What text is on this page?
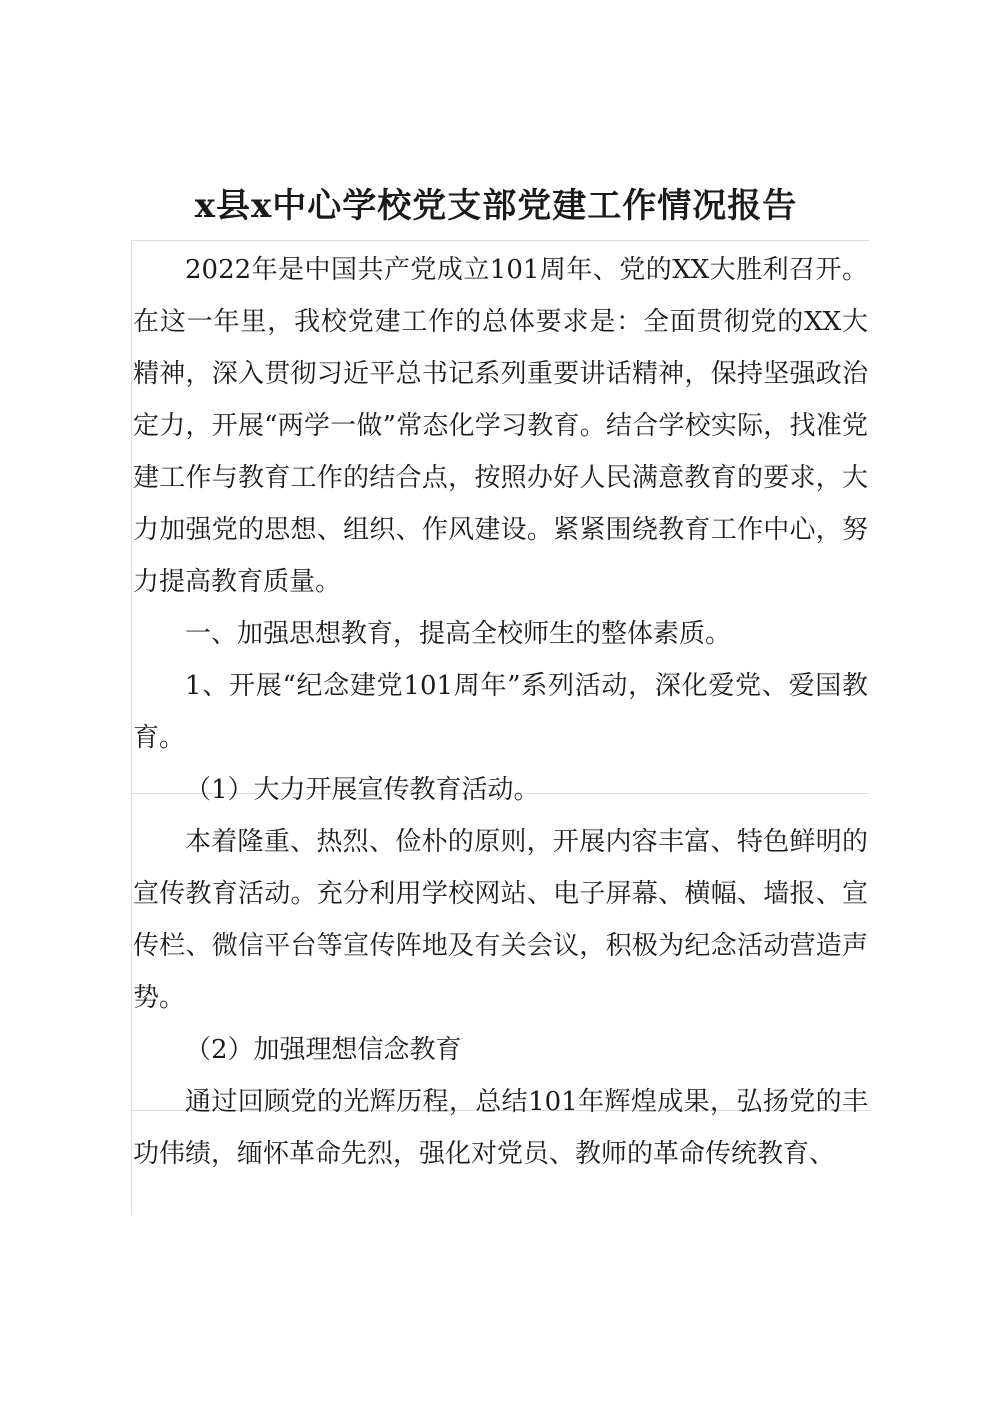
x县x中心学校党支部党建工作情况报告

2022年是中国共产党成立101周年、党的XX大胜利召开。在这一年里，我校党建工作的总体要求是：全面贯彻党的XX大精神，深入贯彻习近平总书记系列重要讲话精神，保持坚强政治定力，开展“两学一做”常态化学习教育。结合学校实际，找准党建工作与教育工作的结合点，按照办好人民满意教育的要求，大力加强党的思想、组织、作风建设。紧紧围绕教育工作中心，努力提高教育质量。

一、加强思想教育，提高全校师生的整体素质。

1、开展“纪念建党101周年”系列活动，深化爱党、爱国教育。

（1）大力开展宣传教育活动。

本着隆重、热烈、俭朴的原则，开展内容丰富、特色鲜明的宣传教育活动。充分利用学校网站、电子屏幕、横幅、墙报、宣传栏、微信平台等宣传阵地及有关会议，积极为纪念活动营造声势。

（2）加强理想信念教育

通过回顾党的光辉历程，总结101年辉煌成果，弘扬党的丰功伟绩，缅怀革命先烈，强化对党员、教师的革命传统教育、
